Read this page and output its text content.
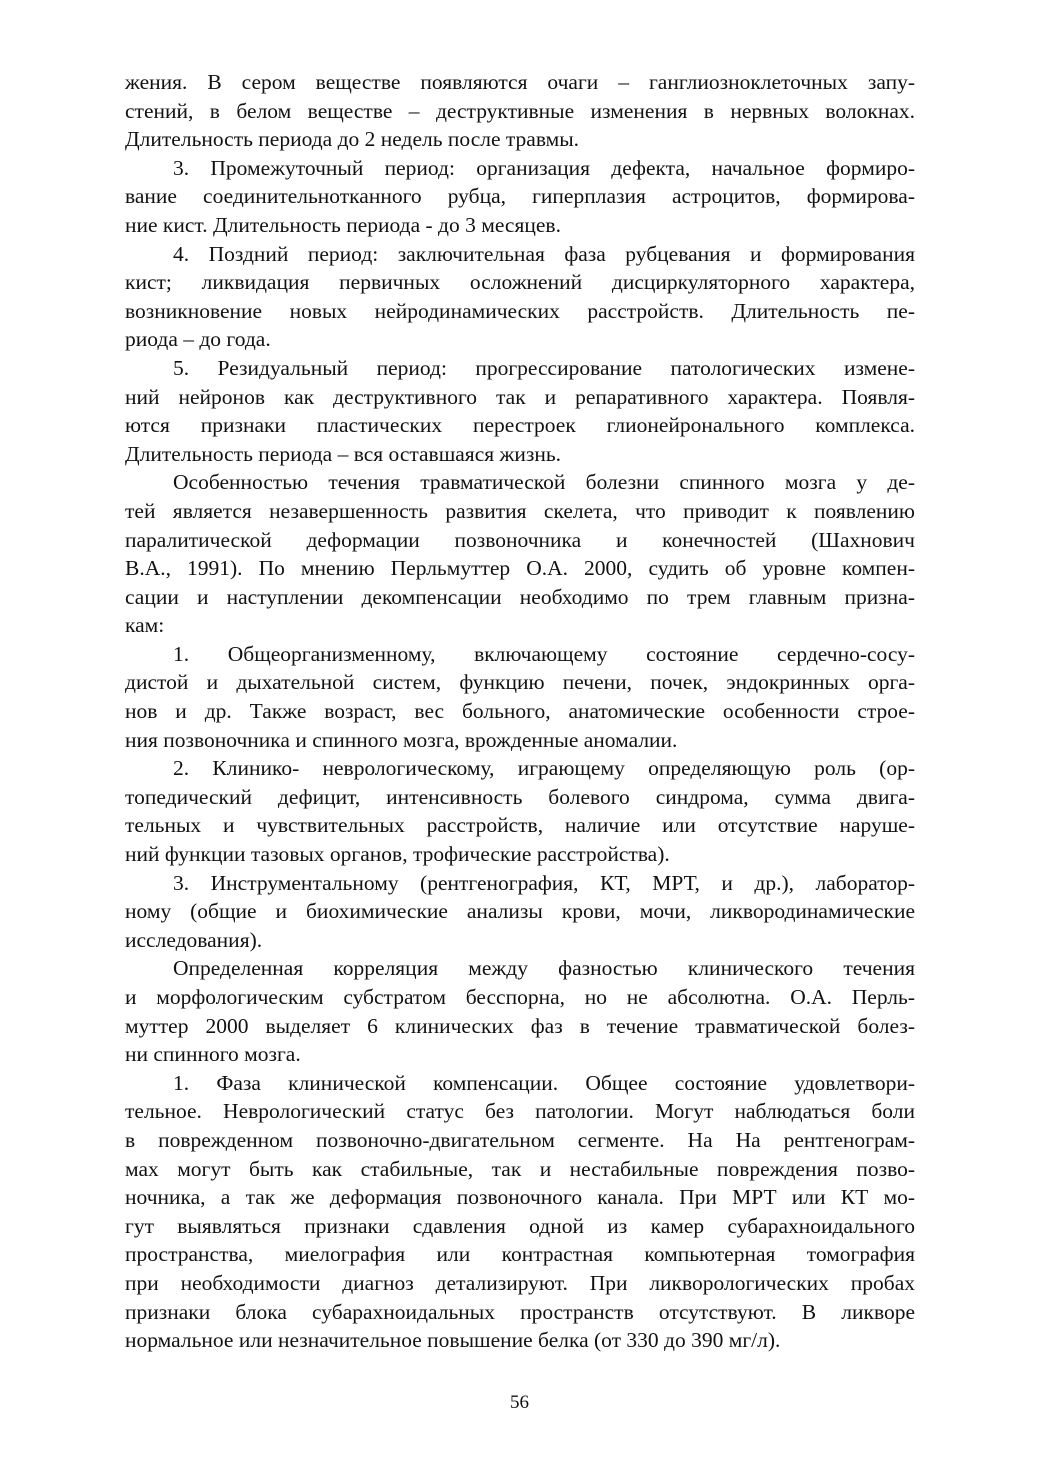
жения. В сером веществе появляются очаги – ганглиозноклеточных запу-
стений, в белом веществе – деструктивные изменения в нервных волокнах.
Длительность периода до 2 недель после травмы.
3. Промежуточный период: организация дефекта, начальное формиро-
вание соединительнотканного рубца, гиперплазия астроцитов, формирова-
ние кист. Длительность периода - до 3 месяцев.
4. Поздний период: заключительная фаза рубцевания и формирования
кист; ликвидация первичных осложнений дисциркуляторного характера,
возникновение новых нейродинамических расстройств. Длительность пе-
риода – до года.
5. Резидуальный период: прогрессирование патологических измене-
ний нейронов как деструктивного так и репаративного характера. Появля-
ются признаки пластических перестроек глионейронального комплекса.
Длительность периода – вся оставшаяся жизнь.
Особенностью течения травматической болезни спинного мозга у де-
тей является незавершенность развития скелета, что приводит к появлению
паралитической деформации позвоночника и конечностей (Шахнович
В.А., 1991). По мнению Перльмуттер О.А. 2000, судить об уровне компен-
сации и наступлении декомпенсации необходимо по трем главным призна-
кам:
1. Общеорганизменному, включающему состояние сердечно-сосу-
дистой и дыхательной систем, функцию печени, почек, эндокринных орга-
нов и др. Также возраст, вес больного, анатомические особенности строе-
ния позвоночника и спинного мозга, врожденные аномалии.
2. Клинико- неврологическому, играющему определяющую роль (ор-
топедический дефицит, интенсивность болевого синдрома, сумма двига-
тельных и чувствительных расстройств, наличие или отсутствие наруше-
ний функции тазовых органов, трофические расстройства).
3. Инструментальному (рентгенография, КТ, МРТ, и др.), лаборатор-
ному (общие и биохимические анализы крови, мочи, ликвородинамические
исследования).
Определенная корреляция между фазностью клинического течения
и морфологическим субстратом бесспорна, но не абсолютна. О.А. Перль-
муттер 2000 выделяет 6 клинических фаз в течение травматической болез-
ни спинного мозга.
1. Фаза клинической компенсации. Общее состояние удовлетвори-
тельное. Неврологический статус без патологии. Могут наблюдаться боли
в поврежденном позвоночно-двигательном сегменте. На На рентгенограм-
мах могут быть как стабильные, так и нестабильные повреждения позво-
ночника, а так же деформация позвоночного канала. При МРТ или КТ мо-
гут выявляться признаки сдавления одной из камер субарахноидального
пространства, миелография или контрастная компьютерная томография
при необходимости диагноз детализируют. При ликворологических пробах
признаки блока субарахноидальных пространств отсутствуют. В ликворе
нормальное или незначительное повышение белка (от 330 до 390 мг/л).
56
